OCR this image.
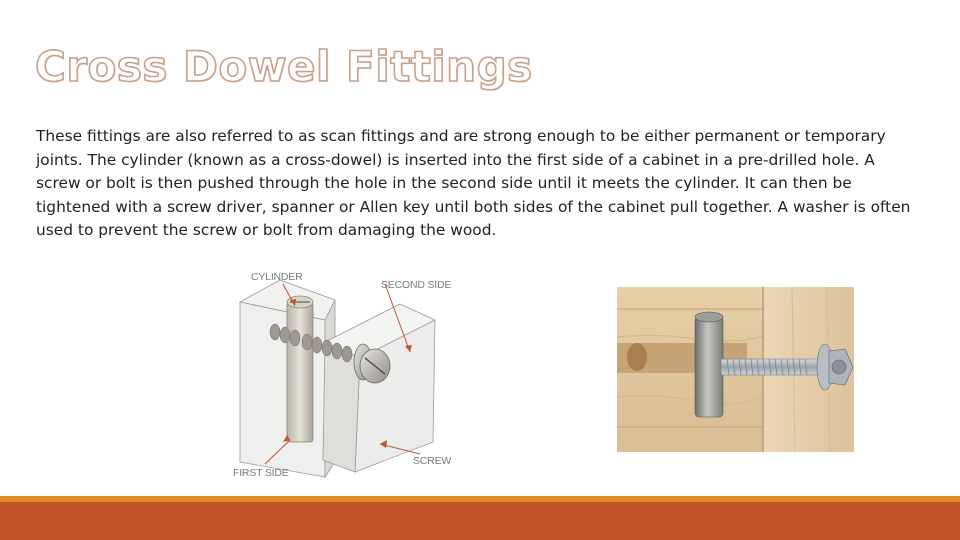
Cross Dowel Fittings
These fittings are also referred to as scan fittings and are strong enough to be either permanent or temporary joints. The cylinder (known as a cross-dowel) is inserted into the first side of a cabinet in a pre-drilled hole. A screw or bolt is then pushed through the hole in the second side until it meets the cylinder. It can then be tightened with a screw driver, spanner or Allen key until both sides of the cabinet pull together. A washer is often used to prevent the screw or bolt from damaging the wood.
CYLINDER
SECOND SIDE
FIRST SIDE
SCREW
